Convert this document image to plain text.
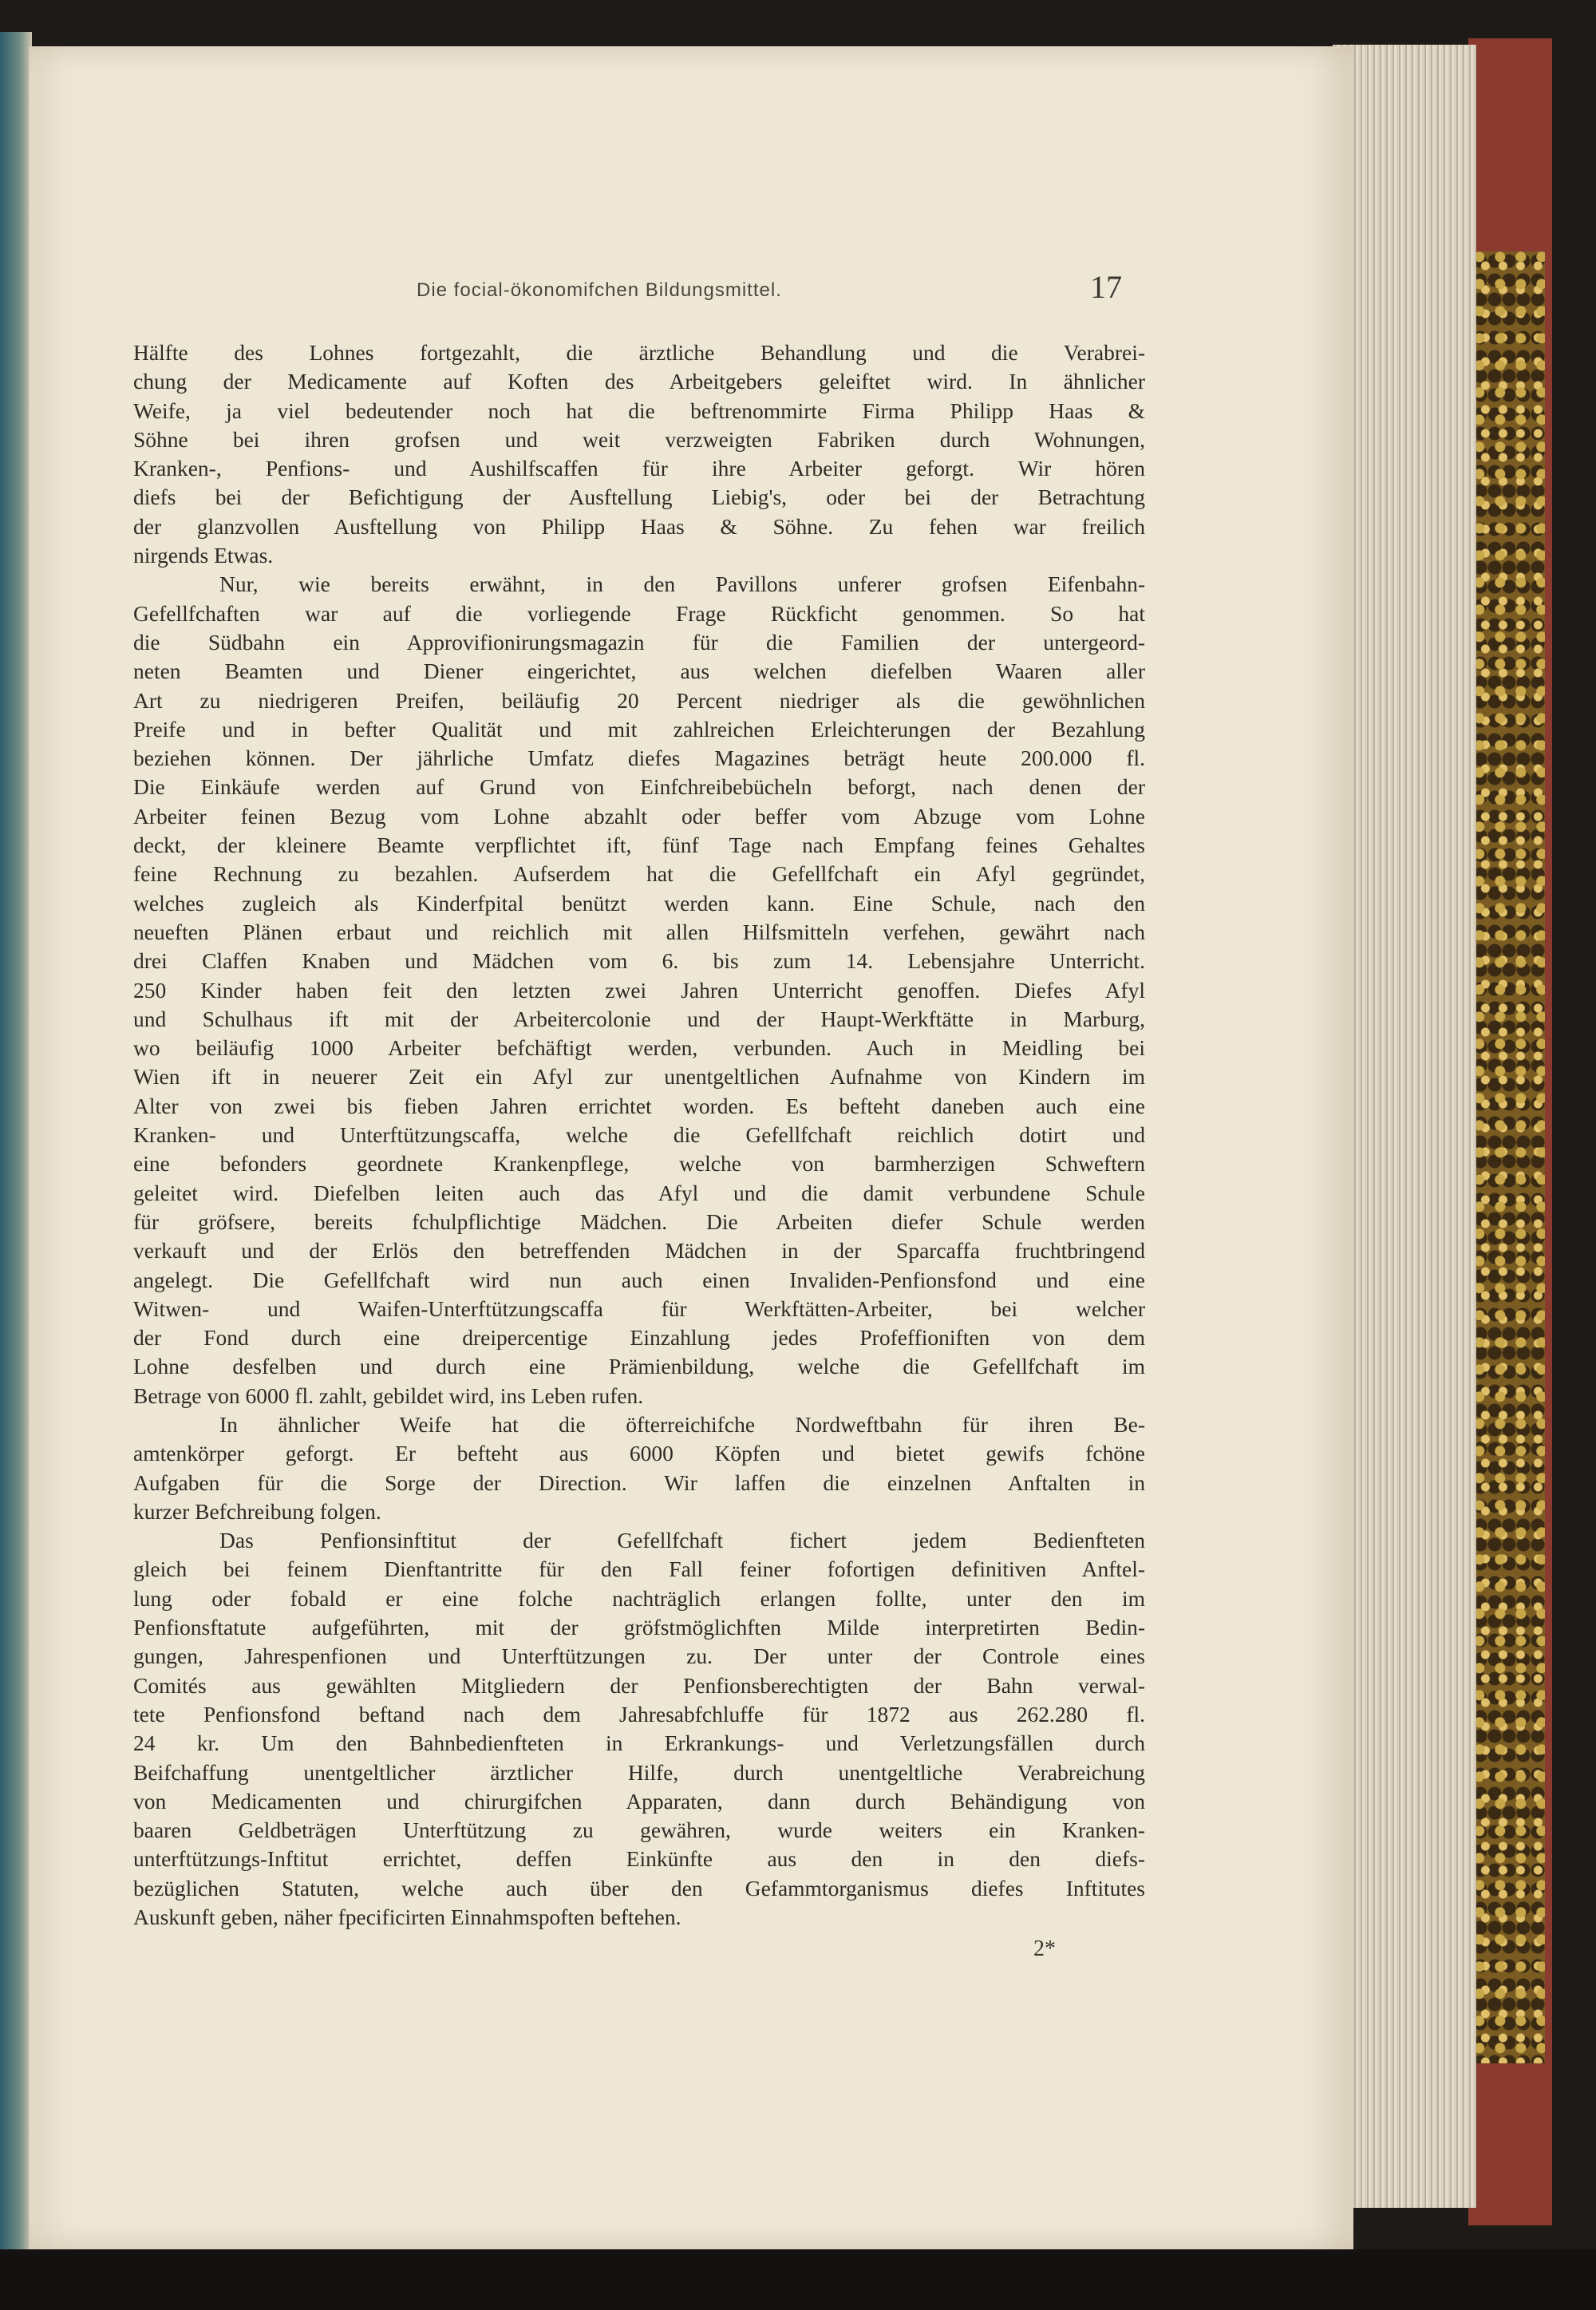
Die focial-ökonomifchen Bildungsmittel.	17
Hälfte des Lohnes fortgezahlt, die ärztliche Behandlung und die Verabrei-
chung der Medicamente auf Koften des Arbeitgebers geleiftet wird. In ähnlicher
Weife, ja viel bedeutender noch hat die beftrenommirte Firma Philipp Haas &
Söhne bei ihren grofsen und weit verzweigten Fabriken durch Wohnungen,
Kranken-, Penfions- und Aushilfscaffen für ihre Arbeiter geforgt. Wir hören
diefs bei der Befichtigung der Ausftellung Liebig's, oder bei der Betrachtung
der glanzvollen Ausftellung von Philipp Haas & Söhne. Zu fehen war freilich
nirgends Etwas.
Nur, wie bereits erwähnt, in den Pavillons unferer grofsen Eifenbahn-
Gefellfchaften war auf die vorliegende Frage Rückficht genommen. So hat
die Südbahn ein Approvifionirungsmagazin für die Familien der untergeord-
neten Beamten und Diener eingerichtet, aus welchen diefelben Waaren aller
Art zu niedrigeren Preifen, beiläufig 20 Percent niedriger als die gewöhnlichen
Preife und in befter Qualität und mit zahlreichen Erleichterungen der Bezahlung
beziehen können. Der jährliche Umfatz diefes Magazines beträgt heute 200.000 fl.
Die Einkäufe werden auf Grund von Einfchreibebücheln beforgt, nach denen der
Arbeiter feinen Bezug vom Lohne abzahlt oder beffer vom Abzuge vom Lohne
deckt, der kleinere Beamte verpflichtet ift, fünf Tage nach Empfang feines Gehaltes
feine Rechnung zu bezahlen. Aufserdem hat die Gefellfchaft ein Afyl gegründet,
welches zugleich als Kinderfpital benützt werden kann. Eine Schule, nach den
neueften Plänen erbaut und reichlich mit allen Hilfsmitteln verfehen, gewährt nach
drei Claffen Knaben und Mädchen vom 6. bis zum 14. Lebensjahre Unterricht.
250 Kinder haben feit den letzten zwei Jahren Unterricht genoffen. Diefes Afyl
und Schulhaus ift mit der Arbeitercolonie und der Haupt-Werkftätte in Marburg,
wo beiläufig 1000 Arbeiter befchäftigt werden, verbunden. Auch in Meidling bei
Wien ift in neuerer Zeit ein Afyl zur unentgeltlichen Aufnahme von Kindern im
Alter von zwei bis fieben Jahren errichtet worden. Es befteht daneben auch eine
Kranken- und Unterftützungscaffa, welche die Gefellfchaft reichlich dotirt und
eine befonders geordnete Krankenpflege, welche von barmherzigen Schweftern
geleitet wird. Diefelben leiten auch das Afyl und die damit verbundene Schule
für gröfsere, bereits fchulpflichtige Mädchen. Die Arbeiten diefer Schule werden
verkauft und der Erlös den betreffenden Mädchen in der Sparcaffa fruchtbringend
angelegt. Die Gefellfchaft wird nun auch einen Invaliden-Penfionsfond und eine
Witwen- und Waifen-Unterftützungscaffa für Werkftätten-Arbeiter, bei welcher
der Fond durch eine dreipercentige Einzahlung jedes Profeffioniften von dem
Lohne desfelben und durch eine Prämienbildung, welche die Gefellfchaft im
Betrage von 6000 fl. zahlt, gebildet wird, ins Leben rufen.
In ähnlicher Weife hat die öfterreichifche Nordweftbahn für ihren Be-
amtenkörper geforgt. Er befteht aus 6000 Köpfen und bietet gewifs fchöne
Aufgaben für die Sorge der Direction. Wir laffen die einzelnen Anftalten in
kurzer Befchreibung folgen.
Das Penfionsinftitut der Gefellfchaft fichert jedem Bedienfteten
gleich bei feinem Dienftantritte für den Fall feiner fofortigen definitiven Anftel-
lung oder fobald er eine folche nachträglich erlangen follte, unter den im
Penfionsftatute aufgeführten, mit der gröfstmöglichften Milde interpretirten Bedin-
gungen, Jahrespenfionen und Unterftützungen zu. Der unter der Controle eines
Comités aus gewählten Mitgliedern der Penfionsberechtigten der Bahn verwal-
tete Penfionsfond beftand nach dem Jahresabfchluffe für 1872 aus 262.280 fl.
24 kr. Um den Bahnbedienfteten in Erkrankungs- und Verletzungsfällen durch
Beifchaffung unentgeltlicher ärztlicher Hilfe, durch unentgeltliche Verabreichung
von Medicamenten und chirurgifchen Apparaten, dann durch Behändigung von
baaren Geldbeträgen Unterftützung zu gewähren, wurde weiters ein Kranken-
unterftützungs-Inftitut errichtet, deffen Einkünfte aus den in den diefs-
bezüglichen Statuten, welche auch über den Gefammtorganismus diefes Inftitutes
Auskunft geben, näher fpecificirten Einnahmspoften beftehen.
2*
